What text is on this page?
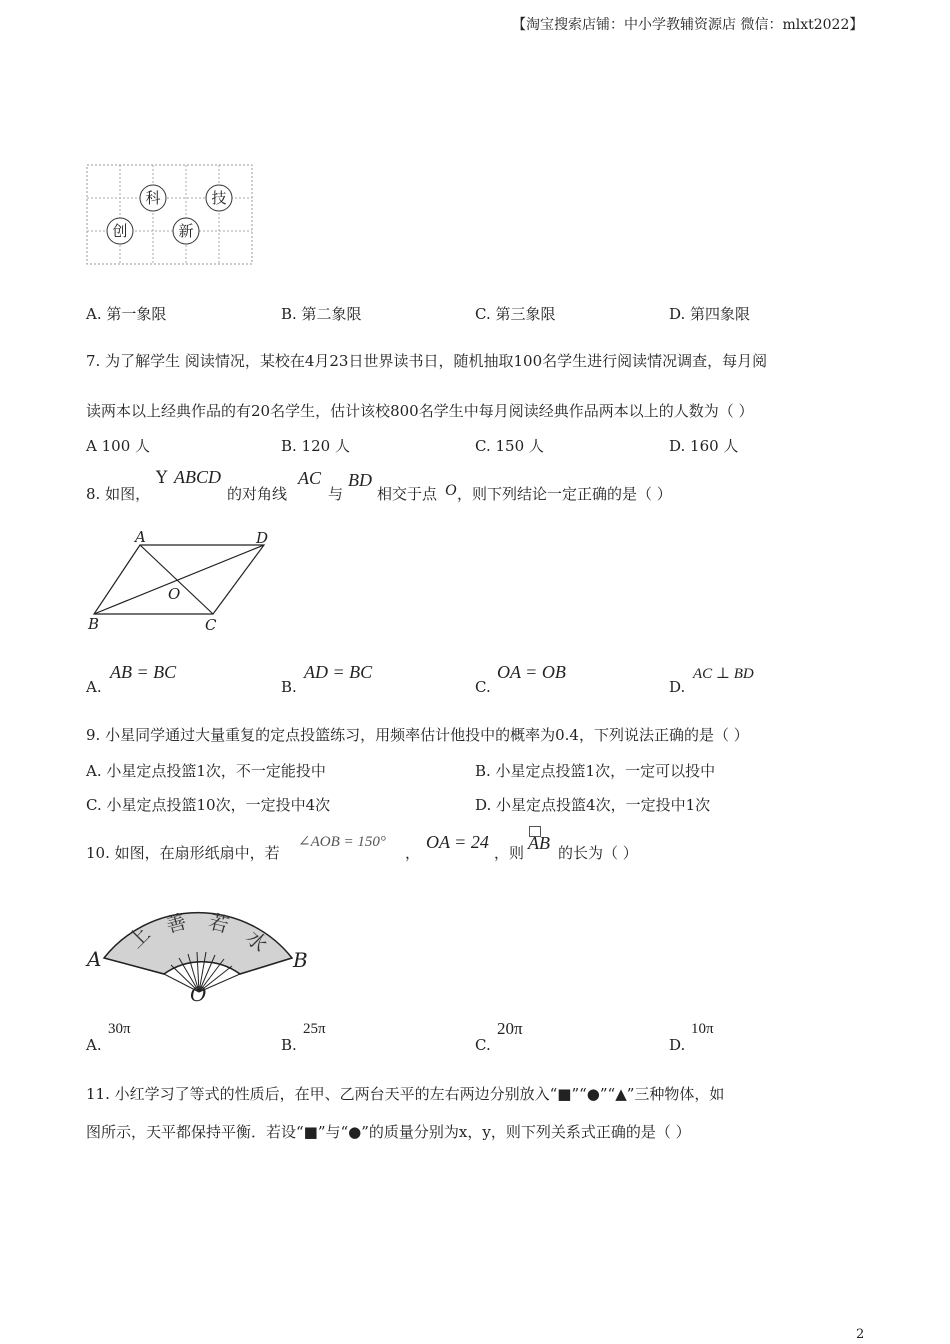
【淘宝搜索店铺：中小学教辅资源店 微信：mlxt2022】
科	技
创	新
A. 第一象限	B. 第二象限	C. 第三象限	D. 第四象限
7. 为了解学生 阅读情况，某校在4月23日世界读书日，随机抽取100名学生进行阅读情况调查，每月阅
读两本以上经典作品的有20名学生，估计该校800名学生中每月阅读经典作品两本以上的人数为（ ）
A 100 人	B. 120 人	C. 150 人	D. 160 人
8. 如图，
Y ABCD
的对角线
AC
与
BD
相交于点 O ，则下列结论一定正确的是（ ）
A	D
O
B	C
A.
AB = BC
B.
AD = BC
C.
OA = OB
D.
AC ⊥ BD
9. 小星同学通过大量重复的定点投篮练习，用频率估计他投中的概率为0.4，下列说法正确的是（ ）
A. 小星定点投篮1次，不一定能投中	B. 小星定点投篮1次，一定可以投中
C. 小星定点投篮10次，一定投中4次	D. 小星定点投篮4次，一定投中1次
10. 如图，在扇形纸扇中，若
∠AOB = 150°
，
OA = 24
，则 AB 的长为（ ）
上 善 若
水
A	B
O
A.
30π
B.
25π
C.
20π
D.
10π
11. 小红学习了等式的性质后，在甲、乙两台天平的左右两边分别放入“■”“●”“▲”三种物体，如
图所示，天平都保持平衡．若设“■”与“●”的质量分别为x，y，则下列关系式正确的是（ ）
2
